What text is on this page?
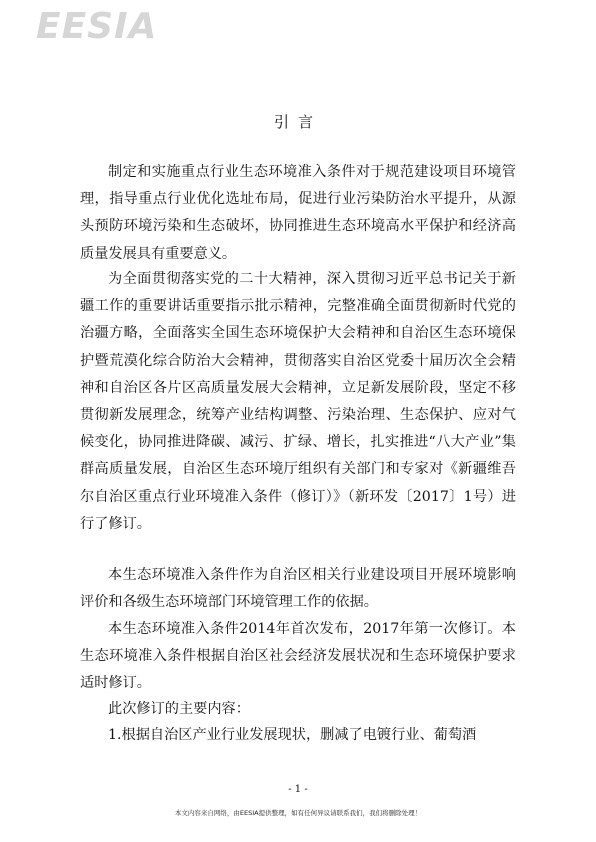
EESIA
引言
制定和实施重点行业生态环境准入条件对于规范建设项目环境管理，指导重点行业优化选址布局，促进行业污染防治水平提升，从源头预防环境污染和生态破坏，协同推进生态环境高水平保护和经济高质量发展具有重要意义。
为全面贯彻落实党的二十大精神，深入贯彻习近平总书记关于新疆工作的重要讲话重要指示批示精神，完整准确全面贯彻新时代党的治疆方略，全面落实全国生态环境保护大会精神和自治区生态环境保护暨荒漠化综合防治大会精神，贯彻落实自治区党委十届历次全会精神和自治区各片区高质量发展大会精神，立足新发展阶段，坚定不移贯彻新发展理念，统筹产业结构调整、污染治理、生态保护、应对气候变化，协同推进降碳、减污、扩绿、增长，扎实推进“八大产业”集群高质量发展，自治区生态环境厅组织有关部门和专家对《新疆维吾尔自治区重点行业环境准入条件（修订）》（新环发〔2017〕1号）进行了修订。
本生态环境准入条件作为自治区相关行业建设项目开展环境影响评价和各级生态环境部门环境管理工作的依据。
本生态环境准入条件2014年首次发布，2017年第一次修订。本生态环境准入条件根据自治区社会经济发展状况和生态环境保护要求适时修订。
此次修订的主要内容：
1.根据自治区产业行业发展现状，删减了电镀行业、葡萄酒
- 1 -
本文内容来自网络，由EESIA提供整理，如有任何异议请联系我们，我们将删除处理！
